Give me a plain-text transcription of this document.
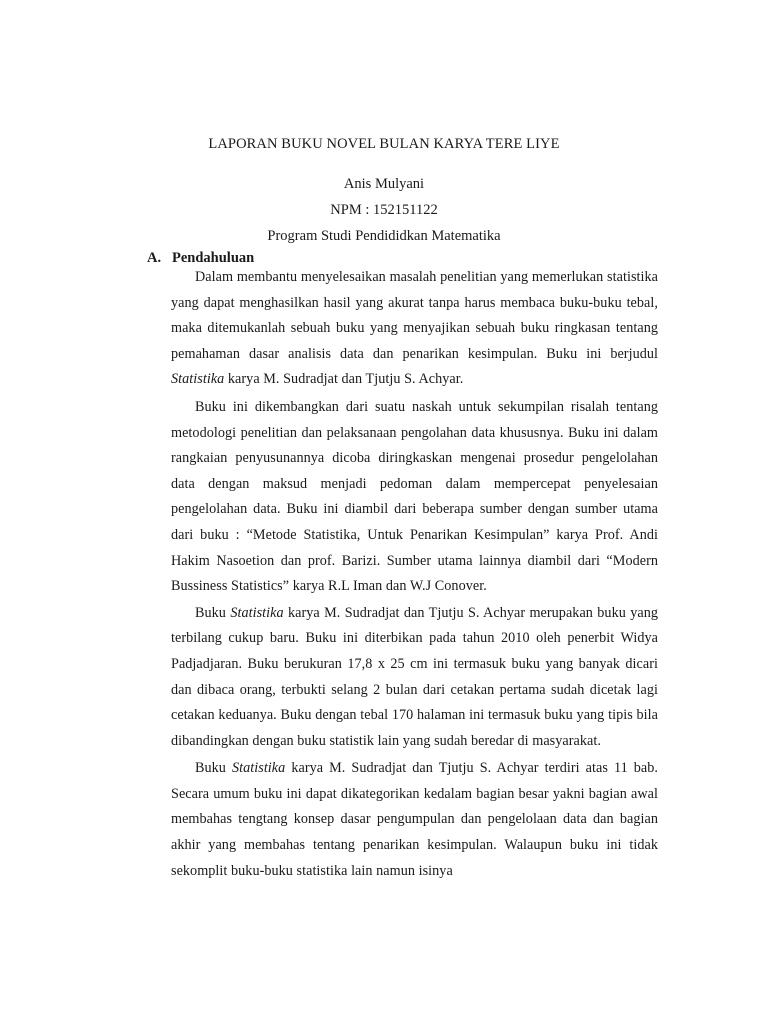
LAPORAN BUKU NOVEL BULAN KARYA TERE LIYE
Anis Mulyani
NPM : 152151122
Program Studi Pendididkan Matematika
A. Pendahuluan

Dalam membantu menyelesaikan masalah penelitian yang memerlukan statistika yang dapat menghasilkan hasil yang akurat tanpa harus membaca buku-buku tebal, maka ditemukanlah sebuah buku yang menyajikan sebuah buku ringkasan tentang pemahaman dasar analisis data dan penarikan kesimpulan. Buku ini berjudul Statistika karya M. Sudradjat dan Tjutju S. Achyar.

Buku ini dikembangkan dari suatu naskah untuk sekumpilan risalah tentang metodologi penelitian dan pelaksanaan pengolahan data khususnya. Buku ini dalam rangkaian penyusunannya dicoba diringkaskan mengenai prosedur pengelolahan data dengan maksud menjadi pedoman dalam mempercepat penyelesaian pengelolahan data. Buku ini diambil dari beberapa sumber dengan sumber utama dari buku : “Metode Statistika, Untuk Penarikan Kesimpulan” karya Prof. Andi Hakim Nasoetion dan prof. Barizi. Sumber utama lainnya diambil dari “Modern Bussiness Statistics” karya R.L Iman dan W.J Conover.

Buku Statistika karya M. Sudradjat dan Tjutju S. Achyar merupakan buku yang terbilang cukup baru. Buku ini diterbikan pada tahun 2010 oleh penerbit Widya Padjadjaran. Buku berukuran 17,8 x 25 cm ini termasuk buku yang banyak dicari dan dibaca orang, terbukti selang 2 bulan dari cetakan pertama sudah dicetak lagi cetakan keduanya. Buku dengan tebal 170 halaman ini termasuk buku yang tipis bila dibandingkan dengan buku statistik lain yang sudah beredar di masyarakat.

Buku Statistika karya M. Sudradjat dan Tjutju S. Achyar terdiri atas 11 bab. Secara umum buku ini dapat dikategorikan kedalam bagian besar yakni bagian awal membahas tengtang konsep dasar pengumpulan dan pengelolaan data dan bagian akhir yang membahas tentang penarikan kesimpulan. Walaupun buku ini tidak sekomplit buku-buku statistika lain namun isinya
